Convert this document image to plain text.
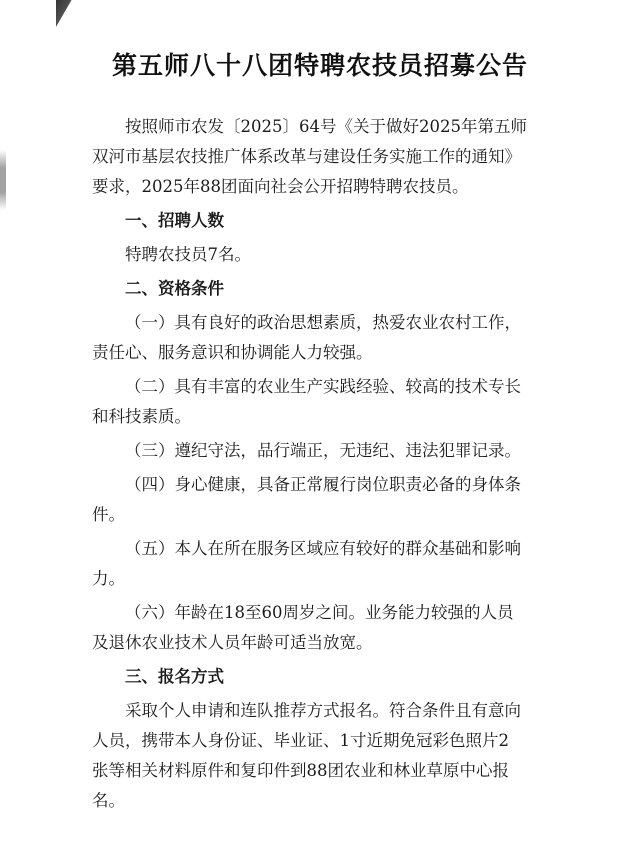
第五师八十八团特聘农技员招募公告

按照师市农发〔2025〕64号《关于做好2025年第五师
双河市基层农技推广体系改革与建设任务实施工作的通知》
要求，2025年88团面向社会公开招聘特聘农技员。

一、招聘人数

特聘农技员7名。

二、资格条件

（一）具有良好的政治思想素质，热爱农业农村工作，
责任心、服务意识和协调能人力较强。

（二）具有丰富的农业生产实践经验、较高的技术专长
和科技素质。

（三）遵纪守法，品行端正，无违纪、违法犯罪记录。

（四）身心健康，具备正常履行岗位职责必备的身体条
件。

（五）本人在所在服务区域应有较好的群众基础和影响
力。

（六）年龄在18至60周岁之间。业务能力较强的人员
及退休农业技术人员年龄可适当放宽。

三、报名方式

采取个人申请和连队推荐方式报名。符合条件且有意向
人员，携带本人身份证、毕业证、1寸近期免冠彩色照片2
张等相关材料原件和复印件到88团农业和林业草原中心报
名。
